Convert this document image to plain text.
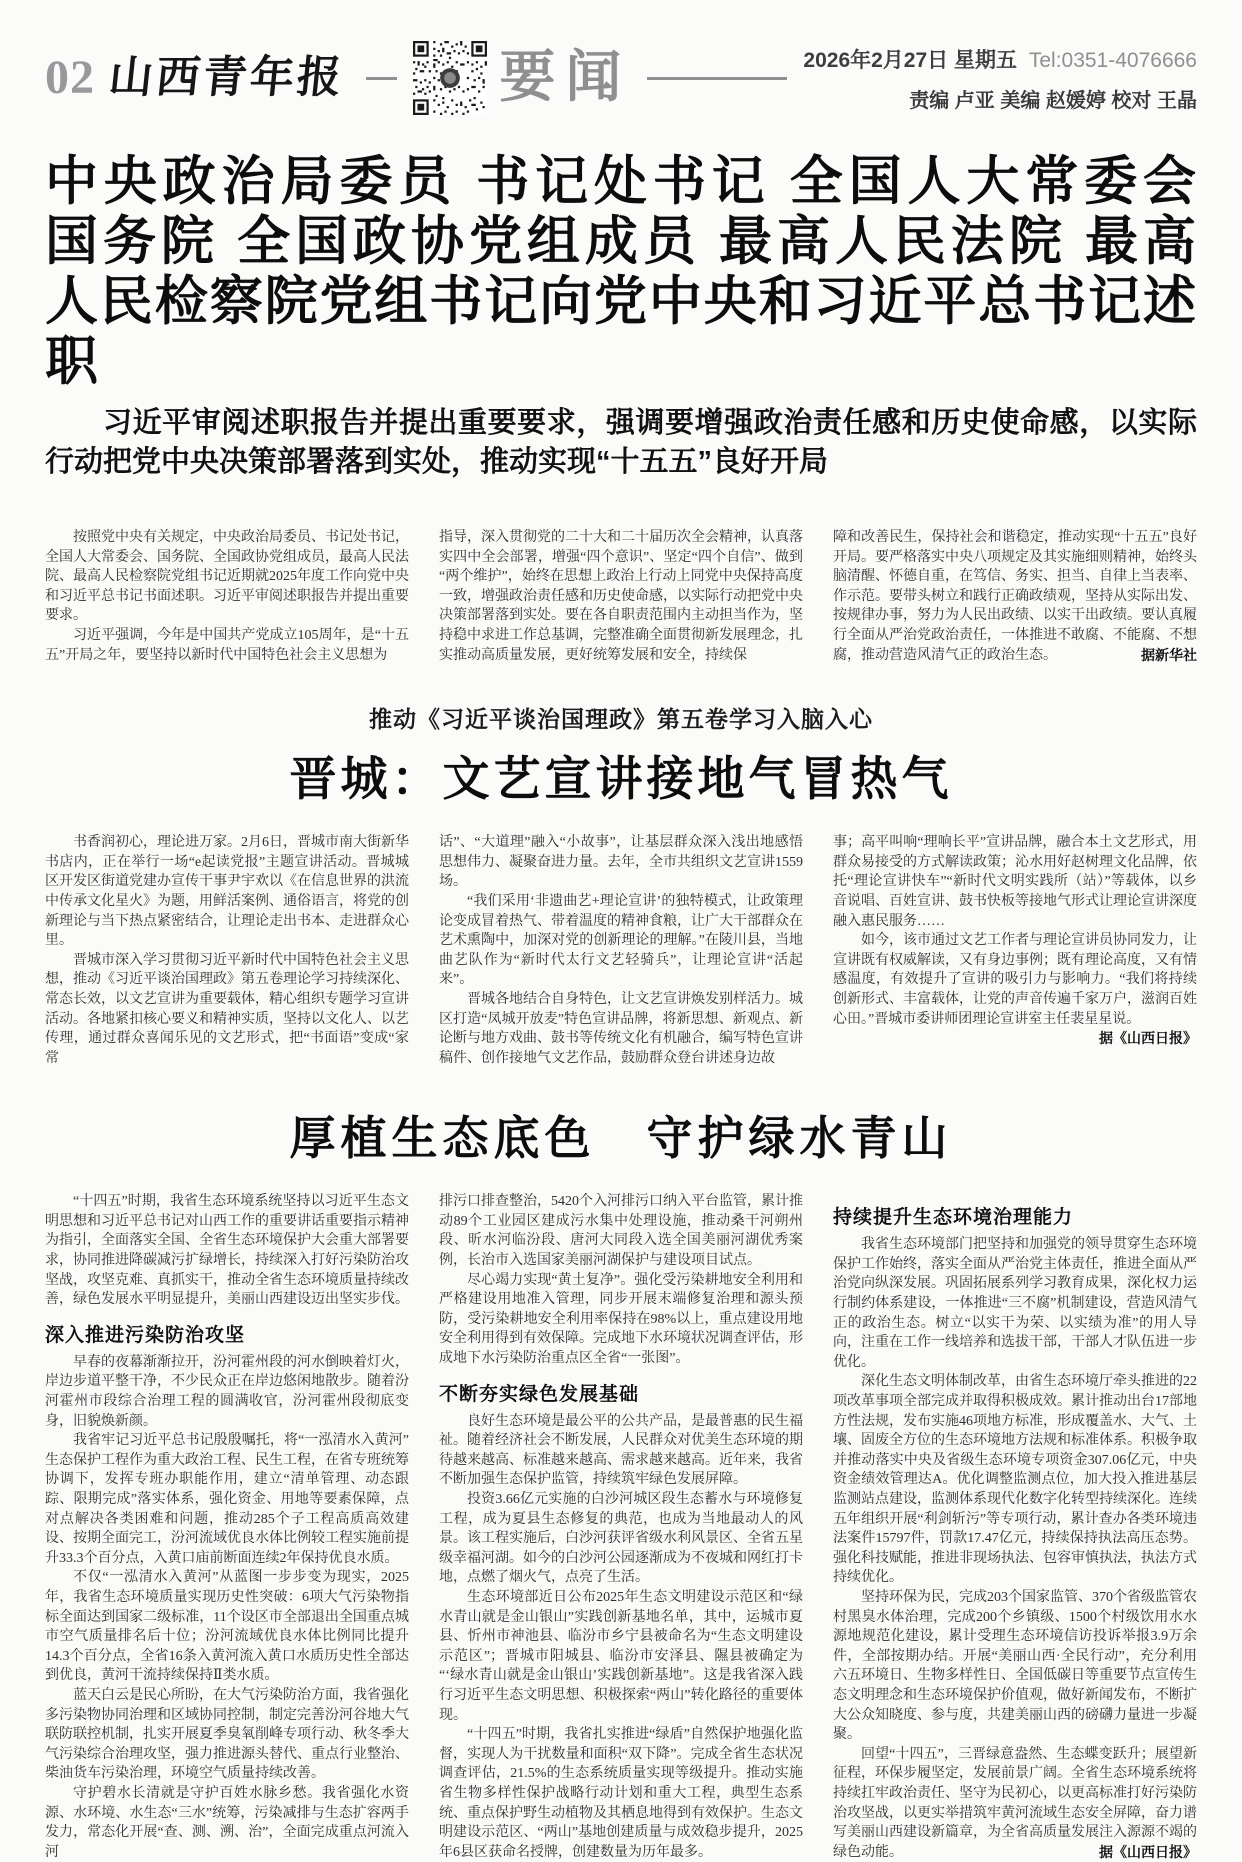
02 山西青年报	要闻	2026年2月27日 星期五 Tel:0351-4076666
责编 卢亚 美编 赵媛婷 校对 王晶
中央政治局委员 书记处书记 全国人大常委会
国务院 全国政协党组成员 最高人民法院 最高
人民检察院党组书记向党中央和习近平总书记述职

习近平审阅述职报告并提出重要要求，强调要增强政治责任感和历史使命感，以实际行动把党中央决策部署落到实处，推动实现“十五五”良好开局

按照党中央有关规定，中央政治局委员、书记处书记，全国人大常委会、国务院、全国政协党组成员，最高人民法院、最高人民检察院党组书记近期就2025年度工作向党中央和习近平总书记书面述职。习近平审阅述职报告并提出重要要求。

习近平强调，今年是中国共产党成立105周年，是“十五五”开局之年，要坚持以新时代中国特色社会主义思想为

指导，深入贯彻党的二十大和二十届历次全会精神，认真落实四中全会部署，增强“四个意识”、坚定“四个自信”、做到“两个维护”，始终在思想上政治上行动上同党中央保持高度一致，增强政治责任感和历史使命感，以实际行动把党中央决策部署落到实处。要在各自职责范围内主动担当作为，坚持稳中求进工作总基调，完整准确全面贯彻新发展理念，扎实推动高质量发展，更好统筹发展和安全，持续保

障和改善民生，保持社会和谐稳定，推动实现“十五五”良好开局。要严格落实中央八项规定及其实施细则精神，始终头脑清醒、怀德自重，在笃信、务实、担当、自律上当表率、作示范。要带头树立和践行正确政绩观，坚持从实际出发、按规律办事，努力为人民出政绩、以实干出政绩。要认真履行全面从严治党政治责任，一体推进不敢腐、不能腐、不想腐，推动营造风清气正的政治生态。	据新华社

推动《习近平谈治国理政》第五卷学习入脑入心
晋城：文艺宣讲接地气冒热气

书香润初心，理论进万家。2月6日，晋城市南大街新华书店内，正在举行一场“e起读党报”主题宣讲活动。晋城城区开发区街道党建办宣传干事尹宇欢以《在信息世界的洪流中传承文化星火》为题，用鲜活案例、通俗语言，将党的创新理论与当下热点紧密结合，让理论走出书本、走进群众心里。

晋城市深入学习贯彻习近平新时代中国特色社会主义思想，推动《习近平谈治国理政》第五卷理论学习持续深化、常态长效，以文艺宣讲为重要载体，精心组织专题学习宣讲活动。各地紧扣核心要义和精神实质，坚持以文化人、以艺传理，通过群众喜闻乐见的文艺形式，把“书面语”变成“家常

话”、“大道理”融入“小故事”，让基层群众深入浅出地感悟思想伟力、凝聚奋进力量。去年，全市共组织文艺宣讲1559场。

“我们采用‘非遗曲艺+理论宣讲’的独特模式，让政策理论变成冒着热气、带着温度的精神食粮，让广大干部群众在艺术熏陶中，加深对党的创新理论的理解。”在陵川县，当地曲艺队作为“新时代太行文艺轻骑兵”，让理论宣讲“活起来”。

晋城各地结合自身特色，让文艺宣讲焕发别样活力。城区打造“凤城开放麦”特色宣讲品牌，将新思想、新观点、新论断与地方戏曲、鼓书等传统文化有机融合，编写特色宣讲稿件、创作接地气文艺作品，鼓励群众登台讲述身边故

事；高平叫响“理响长平”宣讲品牌，融合本土文艺形式，用群众易接受的方式解读政策；沁水用好赵树理文化品牌，依托“理论宣讲快车”“新时代文明实践所（站）”等载体，以乡音说唱、百姓宣讲、鼓书快板等接地气形式让理论宣讲深度融入惠民服务……

如今，该市通过文艺工作者与理论宣讲员协同发力，让宣讲既有权威解读，又有身边事例；既有理论高度，又有情感温度，有效提升了宣讲的吸引力与影响力。“我们将持续创新形式、丰富载体，让党的声音传遍千家万户，滋润百姓心田。”晋城市委讲师团理论宣讲室主任裴星星说。
据《山西日报》

厚植生态底色　守护绿水青山

“十四五”时期，我省生态环境系统坚持以习近平生态文明思想和习近平总书记对山西工作的重要讲话重要指示精神为指引，全面落实全国、全省生态环境保护大会重大部署要求，协同推进降碳减污扩绿增长，持续深入打好污染防治攻坚战，攻坚克难、真抓实干，推动全省生态环境质量持续改善，绿色发展水平明显提升，美丽山西建设迈出坚实步伐。

深入推进污染防治攻坚

早春的夜幕渐渐拉开，汾河霍州段的河水倒映着灯火，岸边步道平整干净，不少民众正在岸边悠闲地散步。随着汾河霍州市段综合治理工程的圆满收官，汾河霍州段彻底变身，旧貌焕新颜。

我省牢记习近平总书记殷殷嘱托，将“一泓清水入黄河”生态保护工程作为重大政治工程、民生工程，在省专班统筹协调下，发挥专班办职能作用，建立“清单管理、动态跟踪、限期完成”落实体系，强化资金、用地等要素保障，点对点解决各类困难和问题，推动285个子工程高质高效建设、按期全面完工，汾河流域优良水体比例较工程实施前提升33.3个百分点，入黄口庙前断面连续2年保持优良水质。

不仅“一泓清水入黄河”从蓝图一步步变为现实，2025年，我省生态环境质量实现历史性突破：6项大气污染物指标全面达到国家二级标准，11个设区市全部退出全国重点城市空气质量排名后十位；汾河流域优良水体比例同比提升14.3个百分点，全省16条入黄河流入黄口水质历史性全部达到优良，黄河干流持续保持Ⅱ类水质。

蓝天白云是民心所盼，在大气污染防治方面，我省强化多污染物协同治理和区域协同控制，制定完善汾河谷地大气联防联控机制，扎实开展夏季臭氧削峰专项行动、秋冬季大气污染综合治理攻坚，强力推进源头替代、重点行业整治、柴油货车污染治理，环境空气质量持续改善。

守护碧水长清就是守护百姓水脉乡愁。我省强化水资源、水环境、水生态“三水”统筹，污染减排与生态扩容两手发力，常态化开展“查、测、溯、治”，全面完成重点河流入河

排污口排查整治，5420个入河排污口纳入平台监管，累计推动89个工业园区建成污水集中处理设施，推动桑干河朔州段、昕水河临汾段、唐河大同段入选全国美丽河湖优秀案例，长治市入选国家美丽河湖保护与建设项目试点。

尽心竭力实现“黄土复净”。强化受污染耕地安全利用和严格建设用地准入管理，同步开展末端修复治理和源头预防，受污染耕地安全利用率保持在98%以上，重点建设用地安全利用得到有效保障。完成地下水环境状况调查评估，形成地下水污染防治重点区全省“一张图”。

不断夯实绿色发展基础

良好生态环境是最公平的公共产品，是最普惠的民生福祉。随着经济社会不断发展，人民群众对优美生态环境的期待越来越高、标准越来越高、需求越来越高。近年来，我省不断加强生态保护监管，持续筑牢绿色发展屏障。

投资3.66亿元实施的白沙河城区段生态蓄水与环境修复工程，成为夏县生态修复的典范，也成为当地最动人的风景。该工程实施后，白沙河获评省级水利风景区、全省五星级幸福河湖。如今的白沙河公园逐渐成为不夜城和网红打卡地，点燃了烟火气，点亮了生活。

生态环境部近日公布2025年生态文明建设示范区和“绿水青山就是金山银山”实践创新基地名单，其中，运城市夏县、忻州市神池县、临汾市乡宁县被命名为“生态文明建设示范区”；晋城市阳城县、临汾市安泽县、隰县被确定为“‘绿水青山就是金山银山’实践创新基地”。这是我省深入践行习近平生态文明思想、积极探索“两山”转化路径的重要体现。

“十四五”时期，我省扎实推进“绿盾”自然保护地强化监督，实现人为干扰数量和面积“双下降”。完成全省生态状况调查评估，21.5%的生态系统质量实现等级提升。推动实施省生物多样性保护战略行动计划和重大工程，典型生态系统、重点保护野生动植物及其栖息地得到有效保护。生态文明建设示范区、“两山”基地创建质量与成效稳步提升，2025年6县区获命名授牌，创建数量为历年最多。

持续提升生态环境治理能力

我省生态环境部门把坚持和加强党的领导贯穿生态环境保护工作始终，落实全面从严治党主体责任，推进全面从严治党向纵深发展。巩固拓展系列学习教育成果，深化权力运行制约体系建设，一体推进“三不腐”机制建设，营造风清气正的政治生态。树立“以实干为荣、以实绩为准”的用人导向，注重在工作一线培养和选拔干部，干部人才队伍进一步优化。

深化生态文明体制改革，由省生态环境厅牵头推进的22项改革事项全部完成并取得积极成效。累计推动出台17部地方性法规，发布实施46项地方标准，形成覆盖水、大气、土壤、固废全方位的生态环境地方法规和标准体系。积极争取并推动落实中央及省级生态环境专项资金307.06亿元，中央资金绩效管理达A。优化调整监测点位，加大投入推进基层监测站点建设，监测体系现代化数字化转型持续深化。连续五年组织开展“利剑斩污”等专项行动，累计查办各类环境违法案件15797件，罚款17.47亿元，持续保持执法高压态势。强化科技赋能，推进非现场执法、包容审慎执法，执法方式持续优化。

坚持环保为民，完成203个国家监管、370个省级监管农村黑臭水体治理，完成200个乡镇级、1500个村级饮用水水源地规范化建设，累计受理生态环境信访投诉举报3.9万余件，全部按期办结。开展“美丽山西·全民行动”，充分利用六五环境日、生物多样性日、全国低碳日等重要节点宣传生态文明理念和生态环境保护价值观，做好新闻发布，不断扩大公众知晓度、参与度，共建美丽山西的磅礴力量进一步凝聚。

回望“十四五”，三晋绿意盎然、生态蝶变跃升；展望新征程，环保步履坚定，发展前景广阔。全省生态环境系统将持续扛牢政治责任、坚守为民初心，以更高标准打好污染防治攻坚战，以更实举措筑牢黄河流域生态安全屏障，奋力谱写美丽山西建设新篇章，为全省高质量发展注入源源不竭的绿色动能。	据《山西日报》
